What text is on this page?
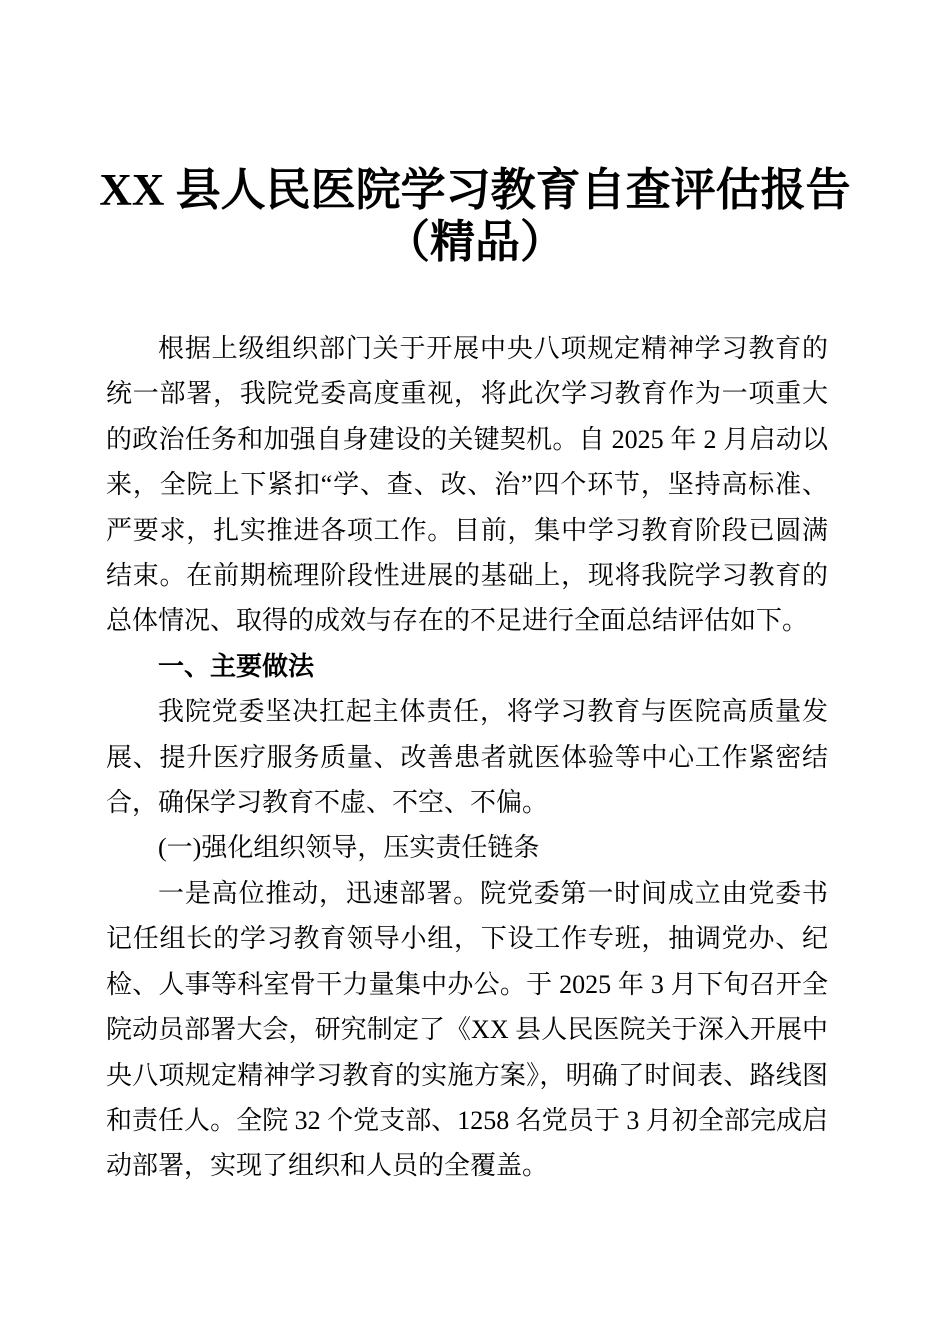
XX 县人民医院学习教育自查评估报告
（精品）

根据上级组织部门关于开展中央八项规定精神学习教育的统一部署，我院党委高度重视，将此次学习教育作为一项重大的政治任务和加强自身建设的关键契机。自 2025 年 2 月启动以来，全院上下紧扣“学、查、改、治”四个环节，坚持高标准、严要求，扎实推进各项工作。目前，集中学习教育阶段已圆满结束。在前期梳理阶段性进展的基础上，现将我院学习教育的总体情况、取得的成效与存在的不足进行全面总结评估如下。

一、主要做法

我院党委坚决扛起主体责任，将学习教育与医院高质量发展、提升医疗服务质量、改善患者就医体验等中心工作紧密结合，确保学习教育不虚、不空、不偏。

(一)强化组织领导，压实责任链条

一是高位推动，迅速部署。院党委第一时间成立由党委书记任组长的学习教育领导小组，下设工作专班，抽调党办、纪检、人事等科室骨干力量集中办公。于 2025 年 3 月下旬召开全院动员部署大会，研究制定了《XX 县人民医院关于深入开展中央八项规定精神学习教育的实施方案》，明确了时间表、路线图和责任人。全院 32 个党支部、1258 名党员于 3 月初全部完成启动部署，实现了组织和人员的全覆盖。
